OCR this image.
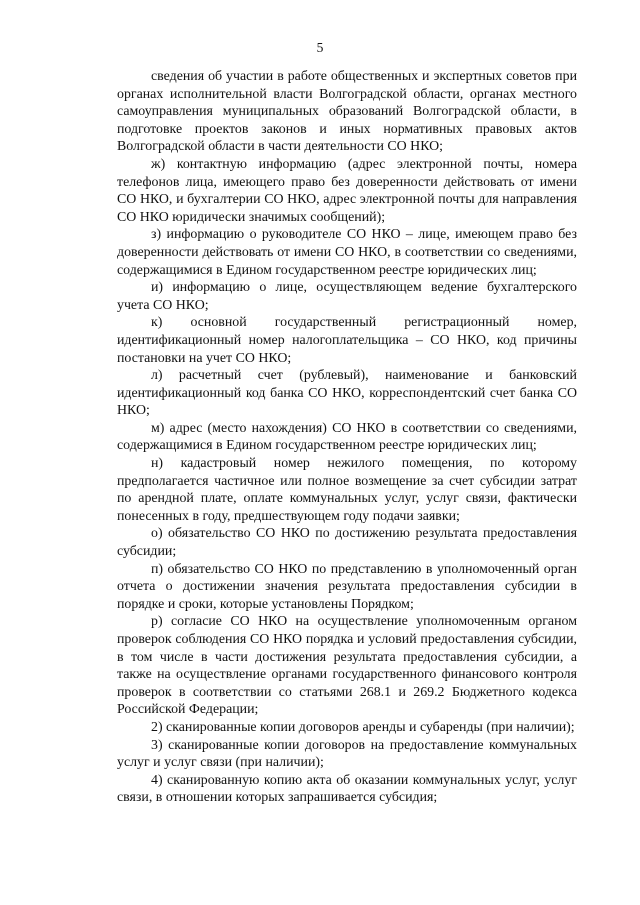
5

сведения об участии в работе общественных и экспертных советов при органах исполнительной власти Волгоградской области, органах местного самоуправления муниципальных образований Волгоградской области, в подготовке проектов законов и иных нормативных правовых актов Волгоградской области в части деятельности СО НКО;

ж) контактную информацию (адрес электронной почты, номера телефонов лица, имеющего право без доверенности действовать от имени СО НКО, и бухгалтерии СО НКО, адрес электронной почты для направления СО НКО юридически значимых сообщений);

з) информацию о руководителе СО НКО – лице, имеющем право без доверенности действовать от имени СО НКО, в соответствии со сведениями, содержащимися в Едином государственном реестре юридических лиц;

и) информацию о лице, осуществляющем ведение бухгалтерского учета СО НКО;

к) основной государственный регистрационный номер, идентификационный номер налогоплательщика – СО НКО, код причины постановки на учет СО НКО;

л) расчетный счет (рублевый), наименование и банковский идентификационный код банка СО НКО, корреспондентский счет банка СО НКО;

м) адрес (место нахождения) СО НКО в соответствии со сведениями, содержащимися в Едином государственном реестре юридических лиц;

н) кадастровый номер нежилого помещения, по которому предполагается частичное или полное возмещение за счет субсидии затрат по арендной плате, оплате коммунальных услуг, услуг связи, фактически понесенных в году, предшествующем году подачи заявки;

о) обязательство СО НКО по достижению результата предоставления субсидии;

п) обязательство СО НКО по представлению в уполномоченный орган отчета о достижении значения результата предоставления субсидии в порядке и сроки, которые установлены Порядком;

р) согласие СО НКО на осуществление уполномоченным органом проверок соблюдения СО НКО порядка и условий предоставления субсидии, в том числе в части достижения результата предоставления субсидии, а также на осуществление органами государственного финансового контроля проверок в соответствии со статьями 268.1 и 269.2 Бюджетного кодекса Российской Федерации;

2) сканированные копии договоров аренды и субаренды (при наличии);

3) сканированные копии договоров на предоставление коммунальных услуг и услуг связи (при наличии);

4) сканированную копию акта об оказании коммунальных услуг, услуг связи, в отношении которых запрашивается субсидия;
